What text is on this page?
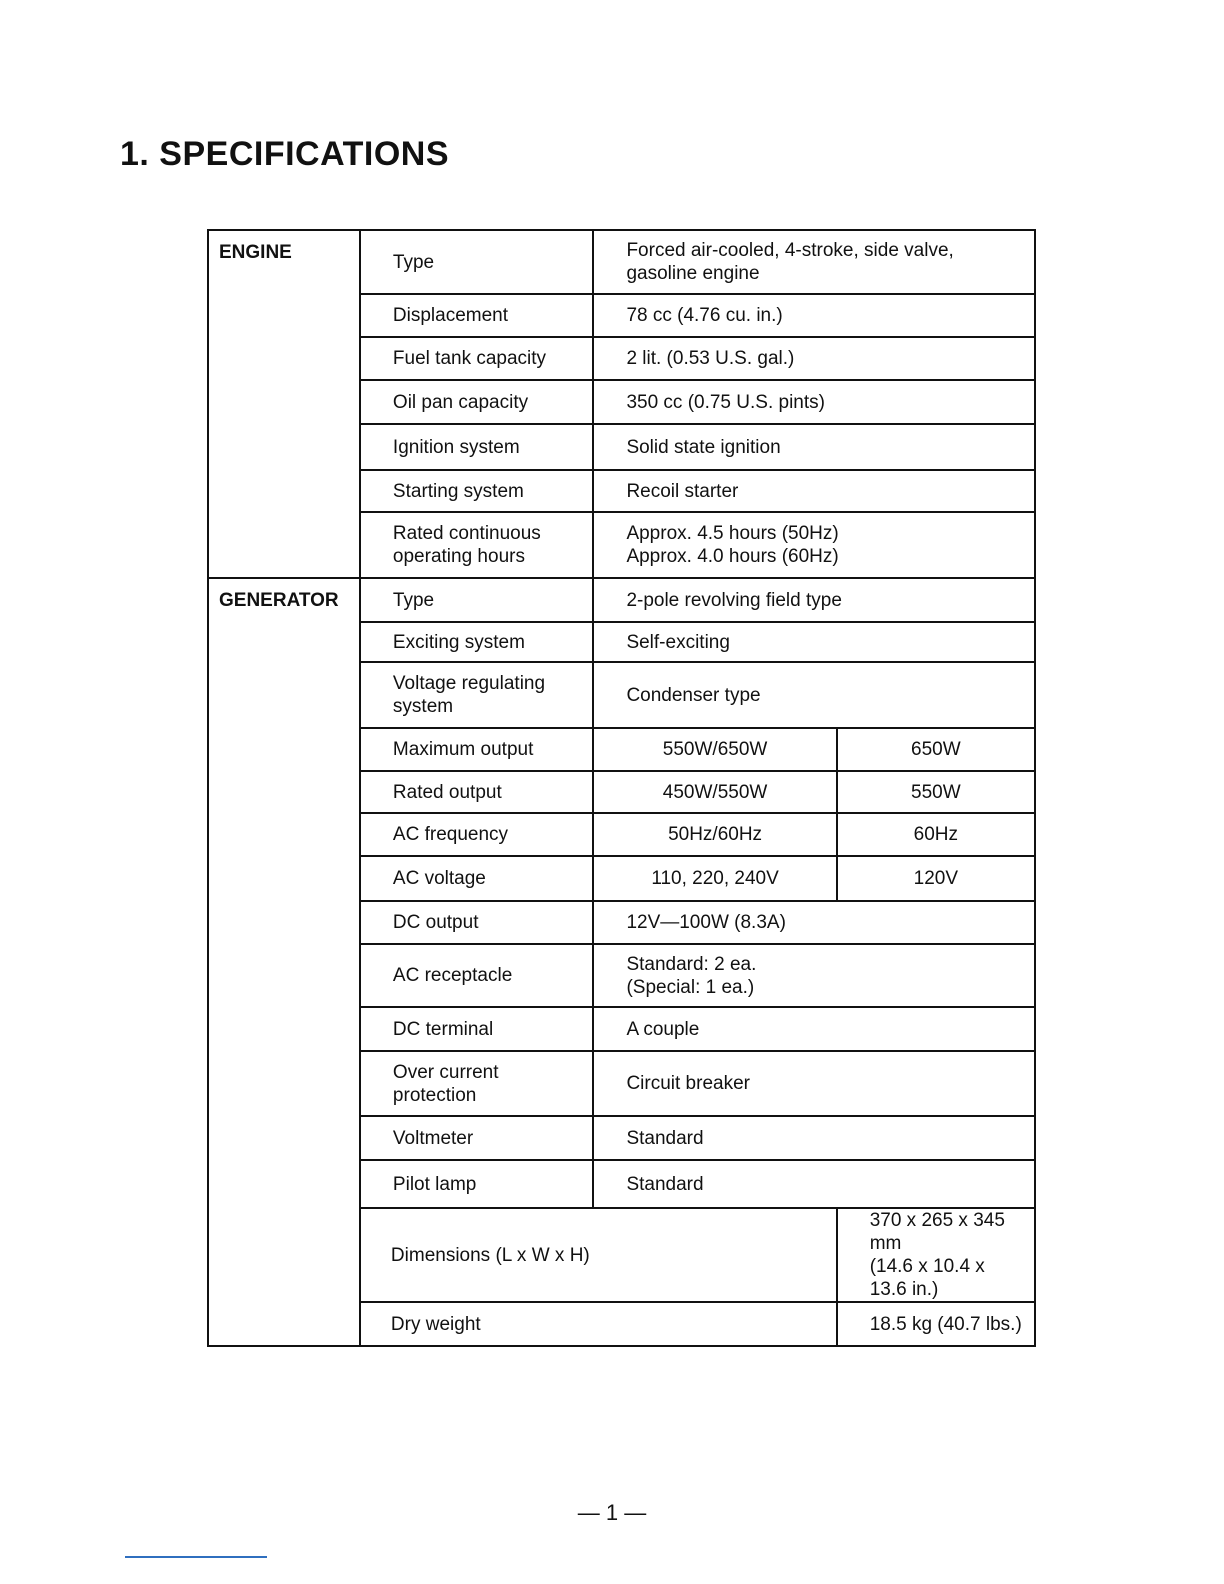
1. SPECIFICATIONS
ENGINE	Type	Forced air-cooled, 4-stroke, side valve,
gasoline engine	

	Displacement	78 cc (4.76 cu. in.)	
	Fuel tank capacity	2 lit. (0.53 U.S. gal.)	
	Oil pan capacity	350 cc (0.75 U.S. pints)	
	Ignition system	Solid state ignition	
	Starting system	Recoil starter	

	Rated continuous
operating hours	Approx. 4.5 hours (50Hz)
Approx. 4.0 hours (60Hz)	

GENERATOR	Type	2-pole revolving field type	
	Exciting system	Self-exciting	

	Voltage regulating
system	Condenser type	
	Maximum output	550W/650W	650W
	Rated output	450W/550W	550W
	AC frequency	50Hz/60Hz	60Hz
	AC voltage	110, 220, 240V	120V
	DC output	12V—100W (8.3A)	
	AC receptacle	Standard: 2 ea.
(Special: 1 ea.)	

	DC terminal	A couple	

	Over current
protection	Circuit breaker	
	Voltmeter	Standard	
	Pilot lamp	Standard	
	Dimensions (L x W x H)		370 x 265 x 345 mm
(14.6 x 10.4 x 13.6 in.)

	Dry weight		18.5 kg (40.7 lbs.)
— 1 —
